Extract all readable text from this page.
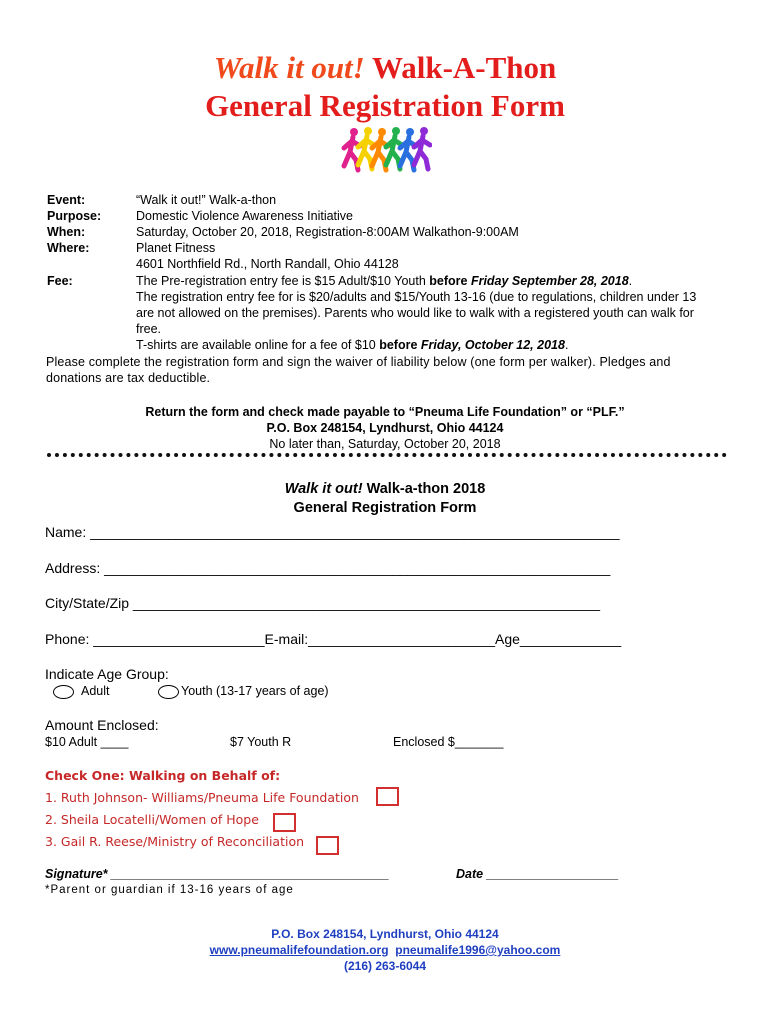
Walk it out! Walk-A-Thon
General Registration Form
Event:	“Walk it out!” Walk-a-thon
Purpose:	Domestic Violence Awareness Initiative
When:	Saturday, October 20, 2018, Registration-8:00AM Walkathon-9:00AM
Where:	Planet Fitness
4601 Northfield Rd., North Randall, Ohio 44128
Fee:	The Pre-registration entry fee is $15 Adult/$10 Youth before Friday September 28, 2018.
The registration entry fee for is $20/adults and $15/Youth 13-16 (due to regulations, children under 13
are not allowed on the premises). Parents who would like to walk with a registered youth can walk for
free.
T-shirts are available online for a fee of $10 before Friday, October 12, 2018.
Please complete the registration form and sign the waiver of liability below (one form per walker). Pledges and
donations are tax deductible.
Return the form and check made payable to “Pneuma Life Foundation” or “PLF.”
P.O. Box 248154, Lyndhurst, Ohio 44124
No later than, Saturday, October 20, 2018
Walk it out! Walk-a-thon 2018
General Registration Form
Name: ____________________________________________________________________
Address: _________________________________________________________________
City/State/Zip ____________________________________________________________
Phone: ______________________E-mail:________________________Age_____________
Indicate Age Group:
Adult	Youth (13-17 years of age)
Amount Enclosed:
$10 Adult ____	$7 Youth R	Enclosed $_______
Check One: Walking on Behalf of:
1. Ruth Johnson- Williams/Pneuma Life Foundation
2. Sheila Locatelli/Women of Hope
3. Gail R. Reese/Ministry of Reconciliation
Signature* ________________________________________	Date ___________________
*Parent or guardian if 13-16 years of age
P.O. Box 248154, Lyndhurst, Ohio 44124
www.pneumalifefoundation.org pneumalife1996@yahoo.com
(216) 263-6044
